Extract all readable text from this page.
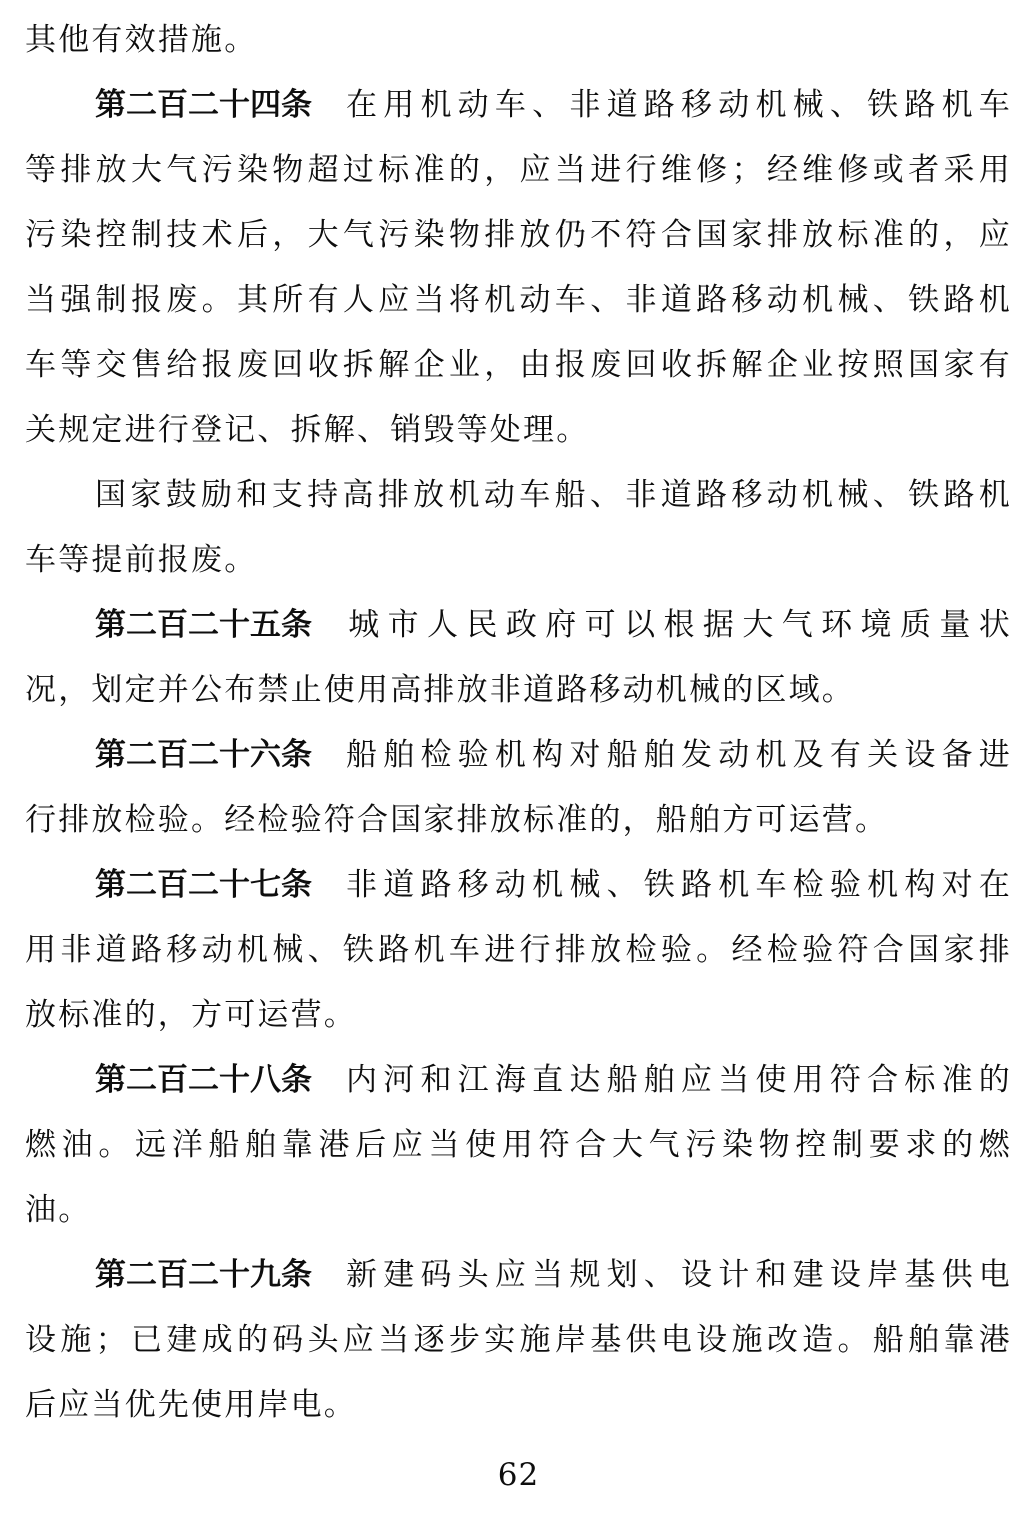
其他有效措施。

第二百二十四条 在用机动车、非道路移动机械、铁路机车
等排放大气污染物超过标准的，应当进行维修；经维修或者采用
污染控制技术后，大气污染物排放仍不符合国家排放标准的，应
当强制报废。其所有人应当将机动车、非道路移动机械、铁路机
车等交售给报废回收拆解企业，由报废回收拆解企业按照国家有
关规定进行登记、拆解、销毁等处理。

国家鼓励和支持高排放机动车船、非道路移动机械、铁路机
车等提前报废。

第二百二十五条 城市人民政府可以根据大气环境质量状
况，划定并公布禁止使用高排放非道路移动机械的区域。

第二百二十六条 船舶检验机构对船舶发动机及有关设备进
行排放检验。经检验符合国家排放标准的，船舶方可运营。

第二百二十七条 非道路移动机械、铁路机车检验机构对在
用非道路移动机械、铁路机车进行排放检验。经检验符合国家排
放标准的，方可运营。

第二百二十八条 内河和江海直达船舶应当使用符合标准的
燃油。远洋船舶靠港后应当使用符合大气污染物控制要求的燃
油。

第二百二十九条 新建码头应当规划、设计和建设岸基供电
设施；已建成的码头应当逐步实施岸基供电设施改造。船舶靠港
后应当优先使用岸电。

62
